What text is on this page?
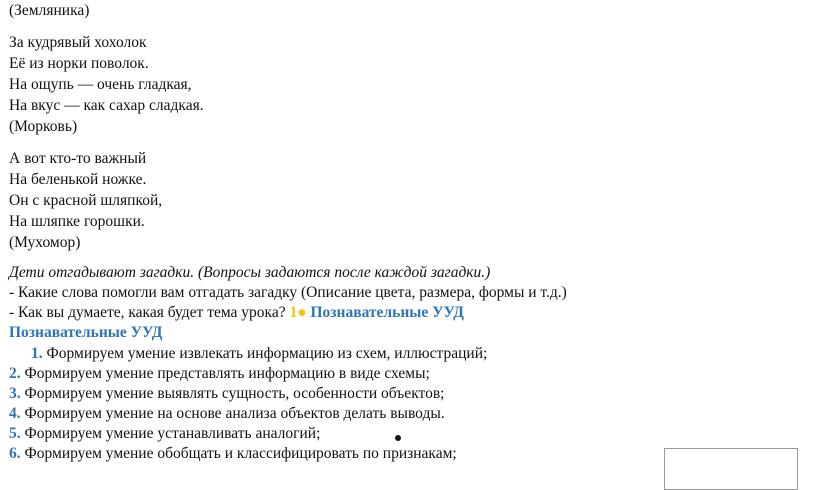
(Земляника)
За кудрявый хохолок
Её из норки поволок.
На ощупь — очень гладкая,
На вкус — как сахар сладкая.
(Морковь)
А вот кто-то важный
На беленькой ножке.
Он с красной шляпкой,
На шляпке горошки.
(Мухомор)
Дети отгадывают загадки. (Вопросы задаются после каждой загадки.)
- Какие слова помогли вам отгадать загадку (Описание цвета, размера, формы и т.д.)
- Как вы думаете, какая будет тема урока? 1● Познавательные УУД
Познавательные УУД
1. Формируем умение извлекать информацию из схем, иллюстраций;
2. Формируем умение представлять информацию в виде схемы;
3. Формируем умение выявлять сущность, особенности объектов;
4. Формируем умение на основе анализа объектов делать выводы.
5. Формируем умение устанавливать аналогий;
6. Формируем умение обобщать и классифицировать по признакам;
